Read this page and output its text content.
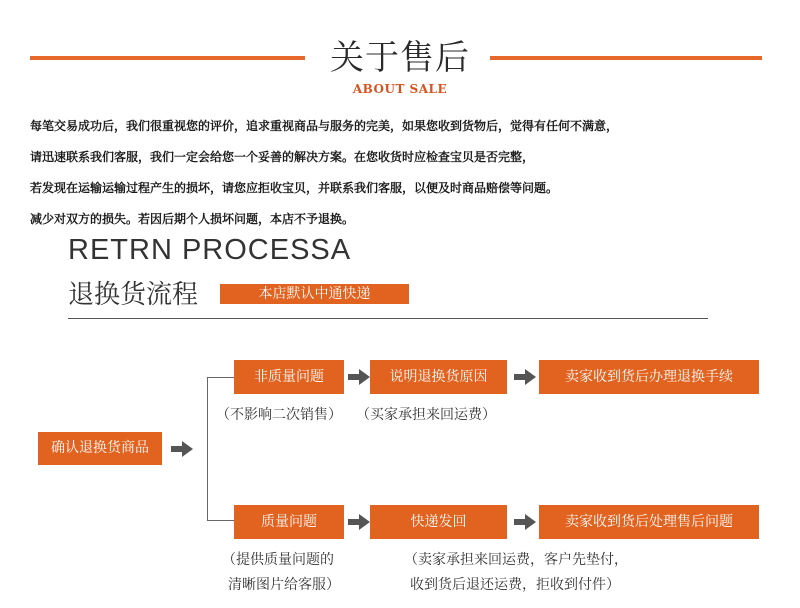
关于售后
ABOUT SALE
每笔交易成功后，我们很重视您的评价，追求重视商品与服务的完美，如果您收到货物后，觉得有任何不满意，
请迅速联系我们客服，我们一定会给您一个妥善的解决方案。在您收货时应检查宝贝是否完整，
若发现在运输运输过程产生的损坏，请您应拒收宝贝，并联系我们客服，以便及时商品赔偿等问题。
减少对双方的损失。若因后期个人损坏问题，本店不予退换。
RETRN PROCESSA
退换货流程	本店默认中通快递
确认退换货商品
非质量问题	说明退换货原因	卖家收到货后办理退换手续
（不影响二次销售） （买家承担来回运费）
质量问题	快递发回	卖家收到货后处理售后问题
（提供质量问题的
清晰图片给客服）
（卖家承担来回运费，客户先垫付，
收到货后退还运费，拒收到付件）
